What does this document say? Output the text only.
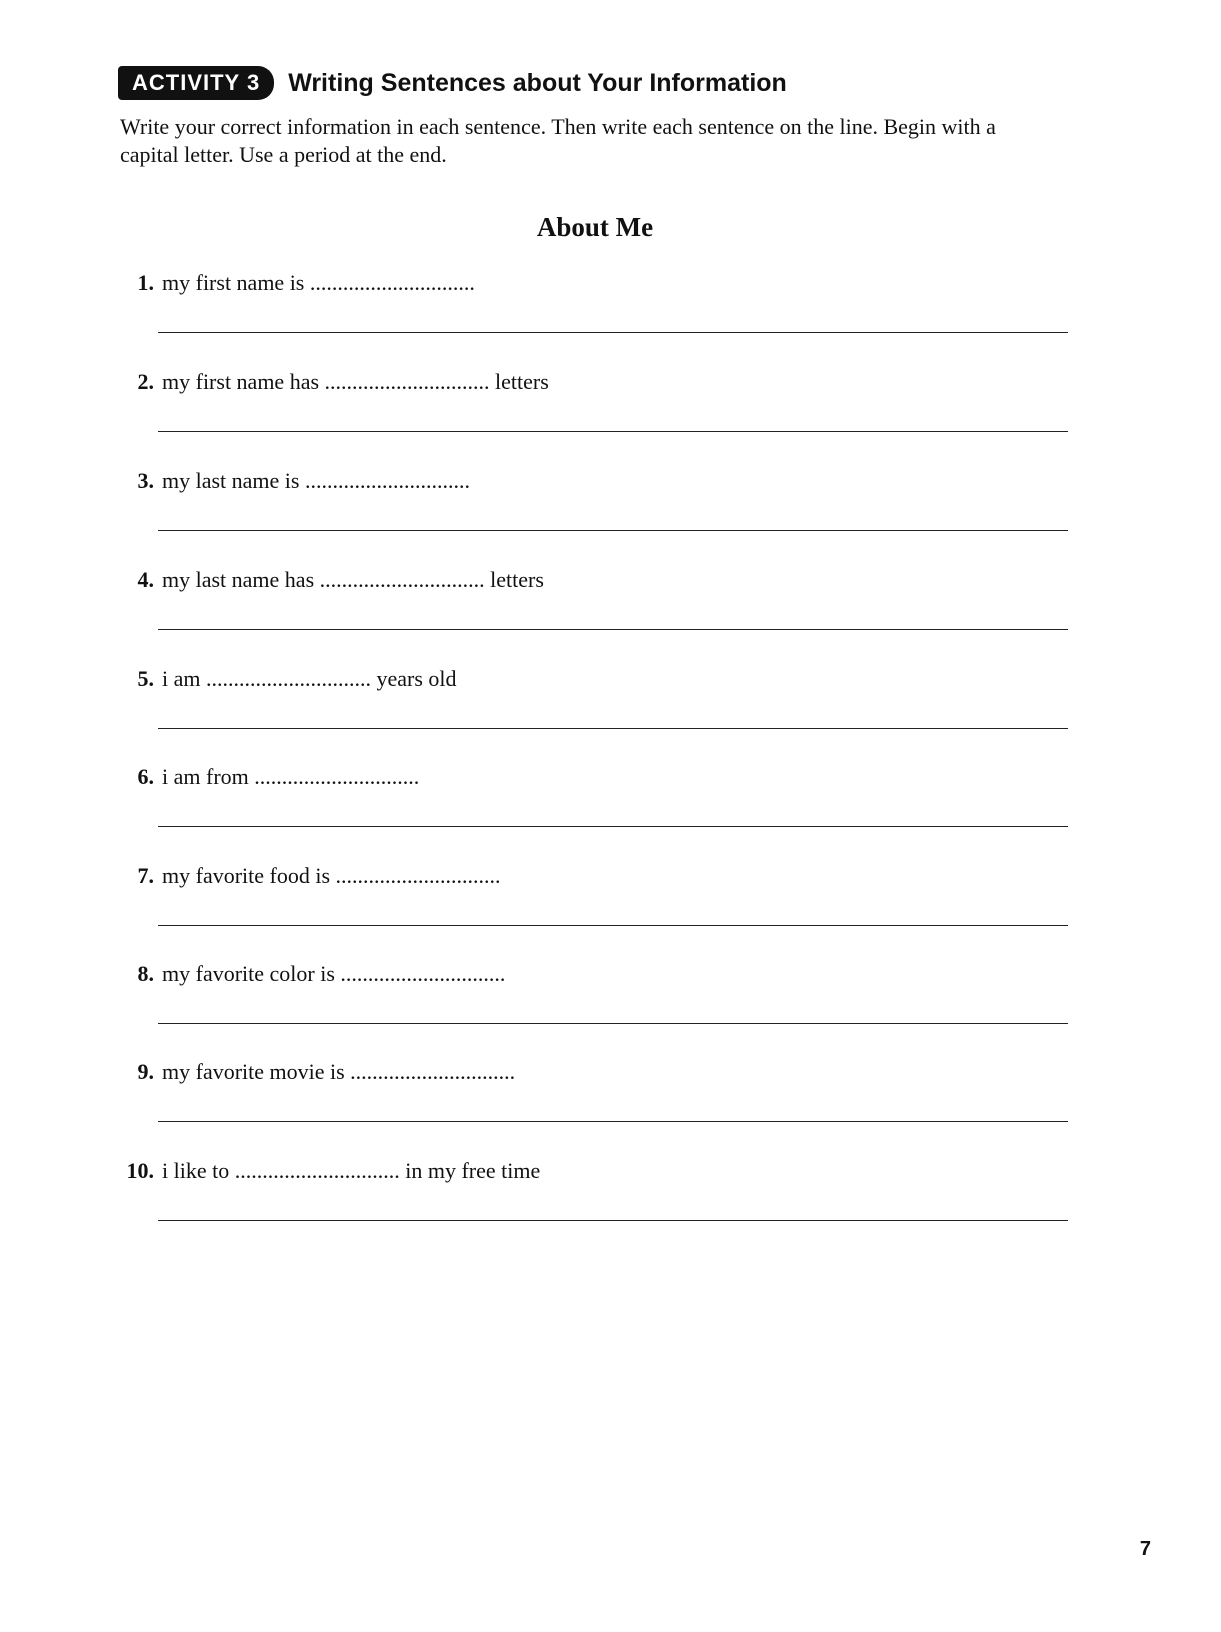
ACTIVITY 3	Writing Sentences about Your Information
Write your correct information in each sentence. Then write each sentence on the line. Begin with a capital letter. Use a period at the end.
About Me
1. my first name is ..............................
2. my first name has .............................. letters
3. my last name is ..............................
4. my last name has .............................. letters
5. i am .............................. years old
6. i am from ..............................
7. my favorite food is ..............................
8. my favorite color is ..............................
9. my favorite movie is ..............................
10. i like to .............................. in my free time
7
